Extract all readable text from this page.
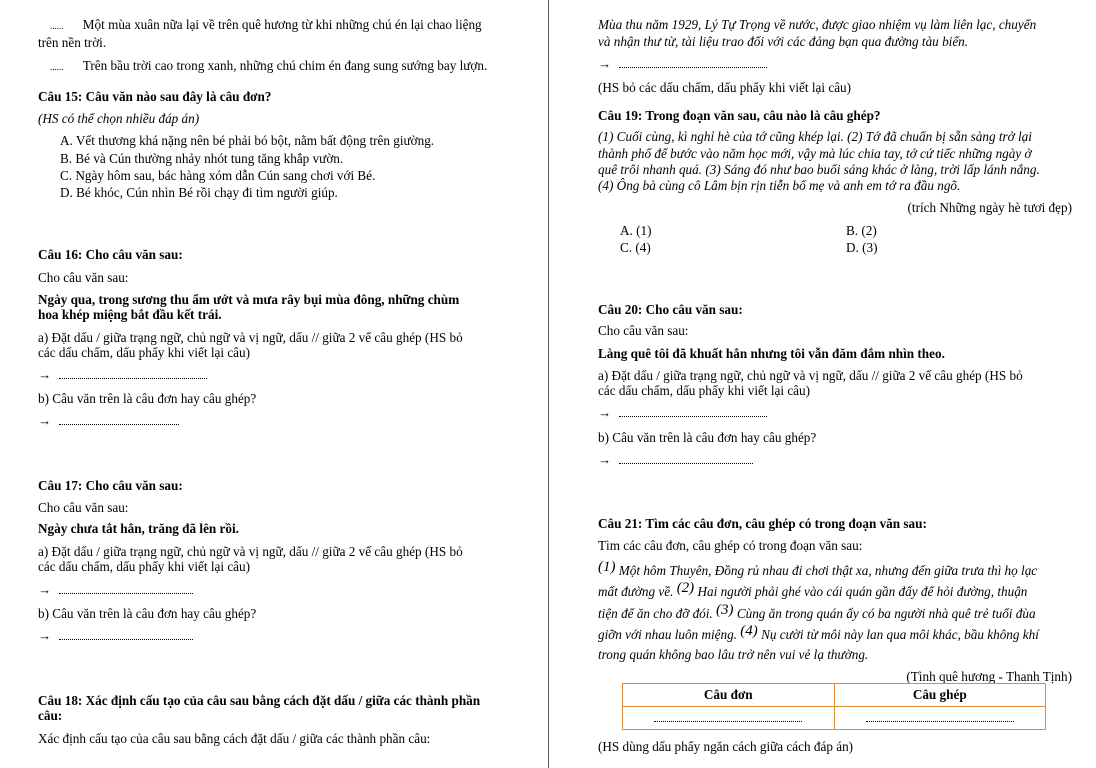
...... Một mùa xuân nữa lại về trên quê hương từ khi những chú én lại chao liệng
trên nền trời.
...... Trên bầu trời cao trong xanh, những chú chim én đang sung sướng bay lượn.
Câu 15: Câu văn nào sau đây là câu đơn?
(HS có thể chọn nhiều đáp án)
A. Vết thương khá nặng nên bé phải bó bột, nằm bất động trên giường.
B. Bé và Cún thường nhảy nhót tung tăng khắp vườn.
C. Ngày hôm sau, bác hàng xóm dẫn Cún sang chơi với Bé.
D. Bé khóc, Cún nhìn Bé rồi chạy đi tìm người giúp.
Câu 16: Cho câu văn sau:
Cho câu văn sau:
Ngày qua, trong sương thu ẩm ướt và mưa rây bụi mùa đông, những chùm
hoa khép miệng bắt đầu kết trái.
a) Đặt dấu / giữa trạng ngữ, chủ ngữ và vị ngữ, dấu // giữa 2 vế câu ghép (HS bỏ
các dấu chấm, dấu phẩy khi viết lại câu)
→
b) Câu văn trên là câu đơn hay câu ghép?
→
Câu 17: Cho câu văn sau:
Cho câu văn sau:
Ngày chưa tắt hẳn, trăng đã lên rồi.
a) Đặt dấu / giữa trạng ngữ, chủ ngữ và vị ngữ, dấu // giữa 2 vế câu ghép (HS bỏ
các dấu chấm, dấu phẩy khi viết lại câu)
→
b) Câu văn trên là câu đơn hay câu ghép?
→
Câu 18: Xác định cấu tạo của câu sau bằng cách đặt dấu / giữa các thành phần
câu:
Xác định cấu tạo của câu sau bằng cách đặt dấu / giữa các thành phần câu:
Mùa thu năm 1929, Lý Tự Trọng về nước, được giao nhiệm vụ làm liên lạc, chuyển
và nhận thư từ, tài liệu trao đổi với các đảng bạn qua đường tàu biển.
→
(HS bỏ các dấu chấm, dấu phẩy khi viết lại câu)
Câu 19: Trong đoạn văn sau, câu nào là câu ghép?
(1) Cuối cùng, kì nghỉ hè của tớ cũng khép lại. (2) Tớ đã chuẩn bị sẵn sàng trở lại
thành phố để bước vào năm học mới, vậy mà lúc chia tay, tớ cứ tiếc những ngày ở
quê trôi nhanh quá. (3) Sáng đó như bao buổi sáng khác ở làng, trời lấp lánh nắng.
(4) Ông bà cùng cô Lâm bịn rịn tiễn bố mẹ và anh em tớ ra đầu ngõ.
(trích Những ngày hè tươi đẹp)
A. (1)	B. (2)
C. (4)	D. (3)
Câu 20: Cho câu văn sau:
Cho câu văn sau:
Làng quê tôi đã khuất hẳn nhưng tôi vẫn đăm đắm nhìn theo.
a) Đặt dấu / giữa trạng ngữ, chủ ngữ và vị ngữ, dấu // giữa 2 vế câu ghép (HS bỏ
các dấu chấm, dấu phẩy khi viết lại câu)
→
b) Câu văn trên là câu đơn hay câu ghép?
→
Câu 21: Tìm các câu đơn, câu ghép có trong đoạn văn sau:
Tìm các câu đơn, câu ghép có trong đoạn văn sau:
$^{(1)}$ Một hôm Thuyên, Đồng rủ nhau đi chơi thật xa, nhưng đến giữa trưa thì họ lạc
mất đường về. $^{(2)}$ Hai người phải ghé vào cái quán gần đấy để hỏi đường, thuận
tiện để ăn cho đỡ đói. $^{(3)}$ Cùng ăn trong quán ấy có ba người nhà quê trẻ tuổi đùa
giỡn với nhau luôn miệng. $^{(4)}$ Nụ cười từ môi này lan qua môi khác, bầu không khí
trong quán không bao lâu trở nên vui vẻ lạ thường.
(Tình quê hương - Thanh Tịnh)
Câu đơn	Câu ghép

(HS dùng dấu phẩy ngăn cách giữa cách đáp án)
